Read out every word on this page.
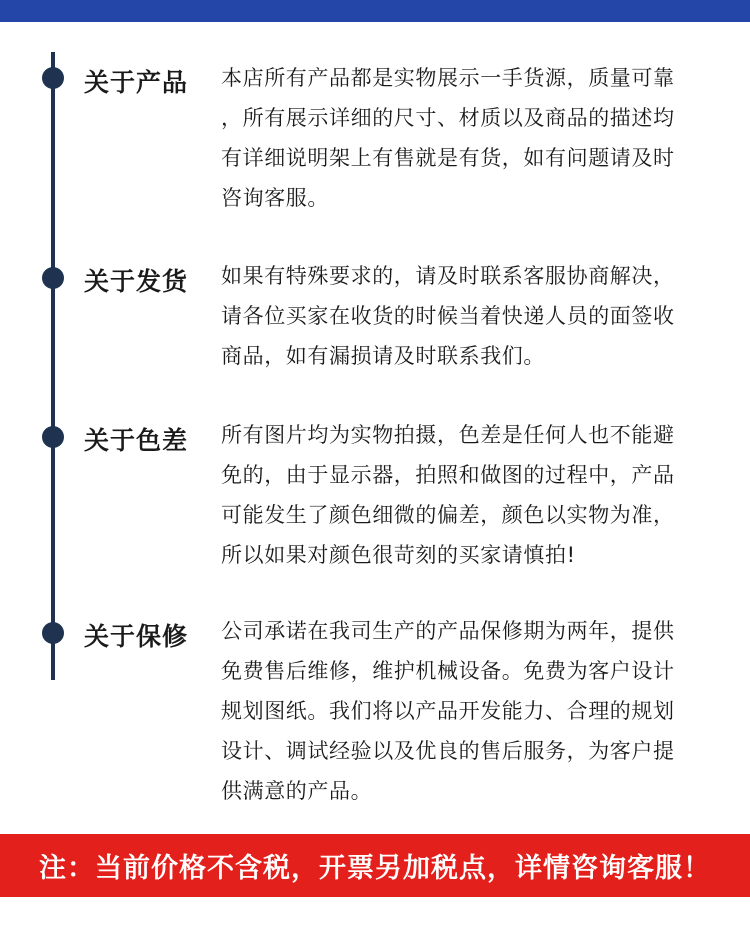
关于产品 本店所有产品都是实物展示一手货源，质量可靠
，所有展示详细的尺寸、材质以及商品的描述均
有详细说明架上有售就是有货，如有问题请及时
咨询客服。
关于发货 如果有特殊要求的，请及时联系客服协商解决，
请各位买家在收货的时候当着快递人员的面签收
商品，如有漏损请及时联系我们。
关于色差 所有图片均为实物拍摄，色差是任何人也不能避
免的，由于显示器，拍照和做图的过程中，产品
可能发生了颜色细微的偏差，颜色以实物为准，
所以如果对颜色很苛刻的买家请慎拍!
关于保修 公司承诺在我司生产的产品保修期为两年，提供
免费售后维修，维护机械设备。免费为客户设计
规划图纸。我们将以产品开发能力、合理的规划
设计、调试经验以及优良的售后服务，为客户提
供满意的产品。
注：当前价格不含税，开票另加税点，详情咨询客服！
